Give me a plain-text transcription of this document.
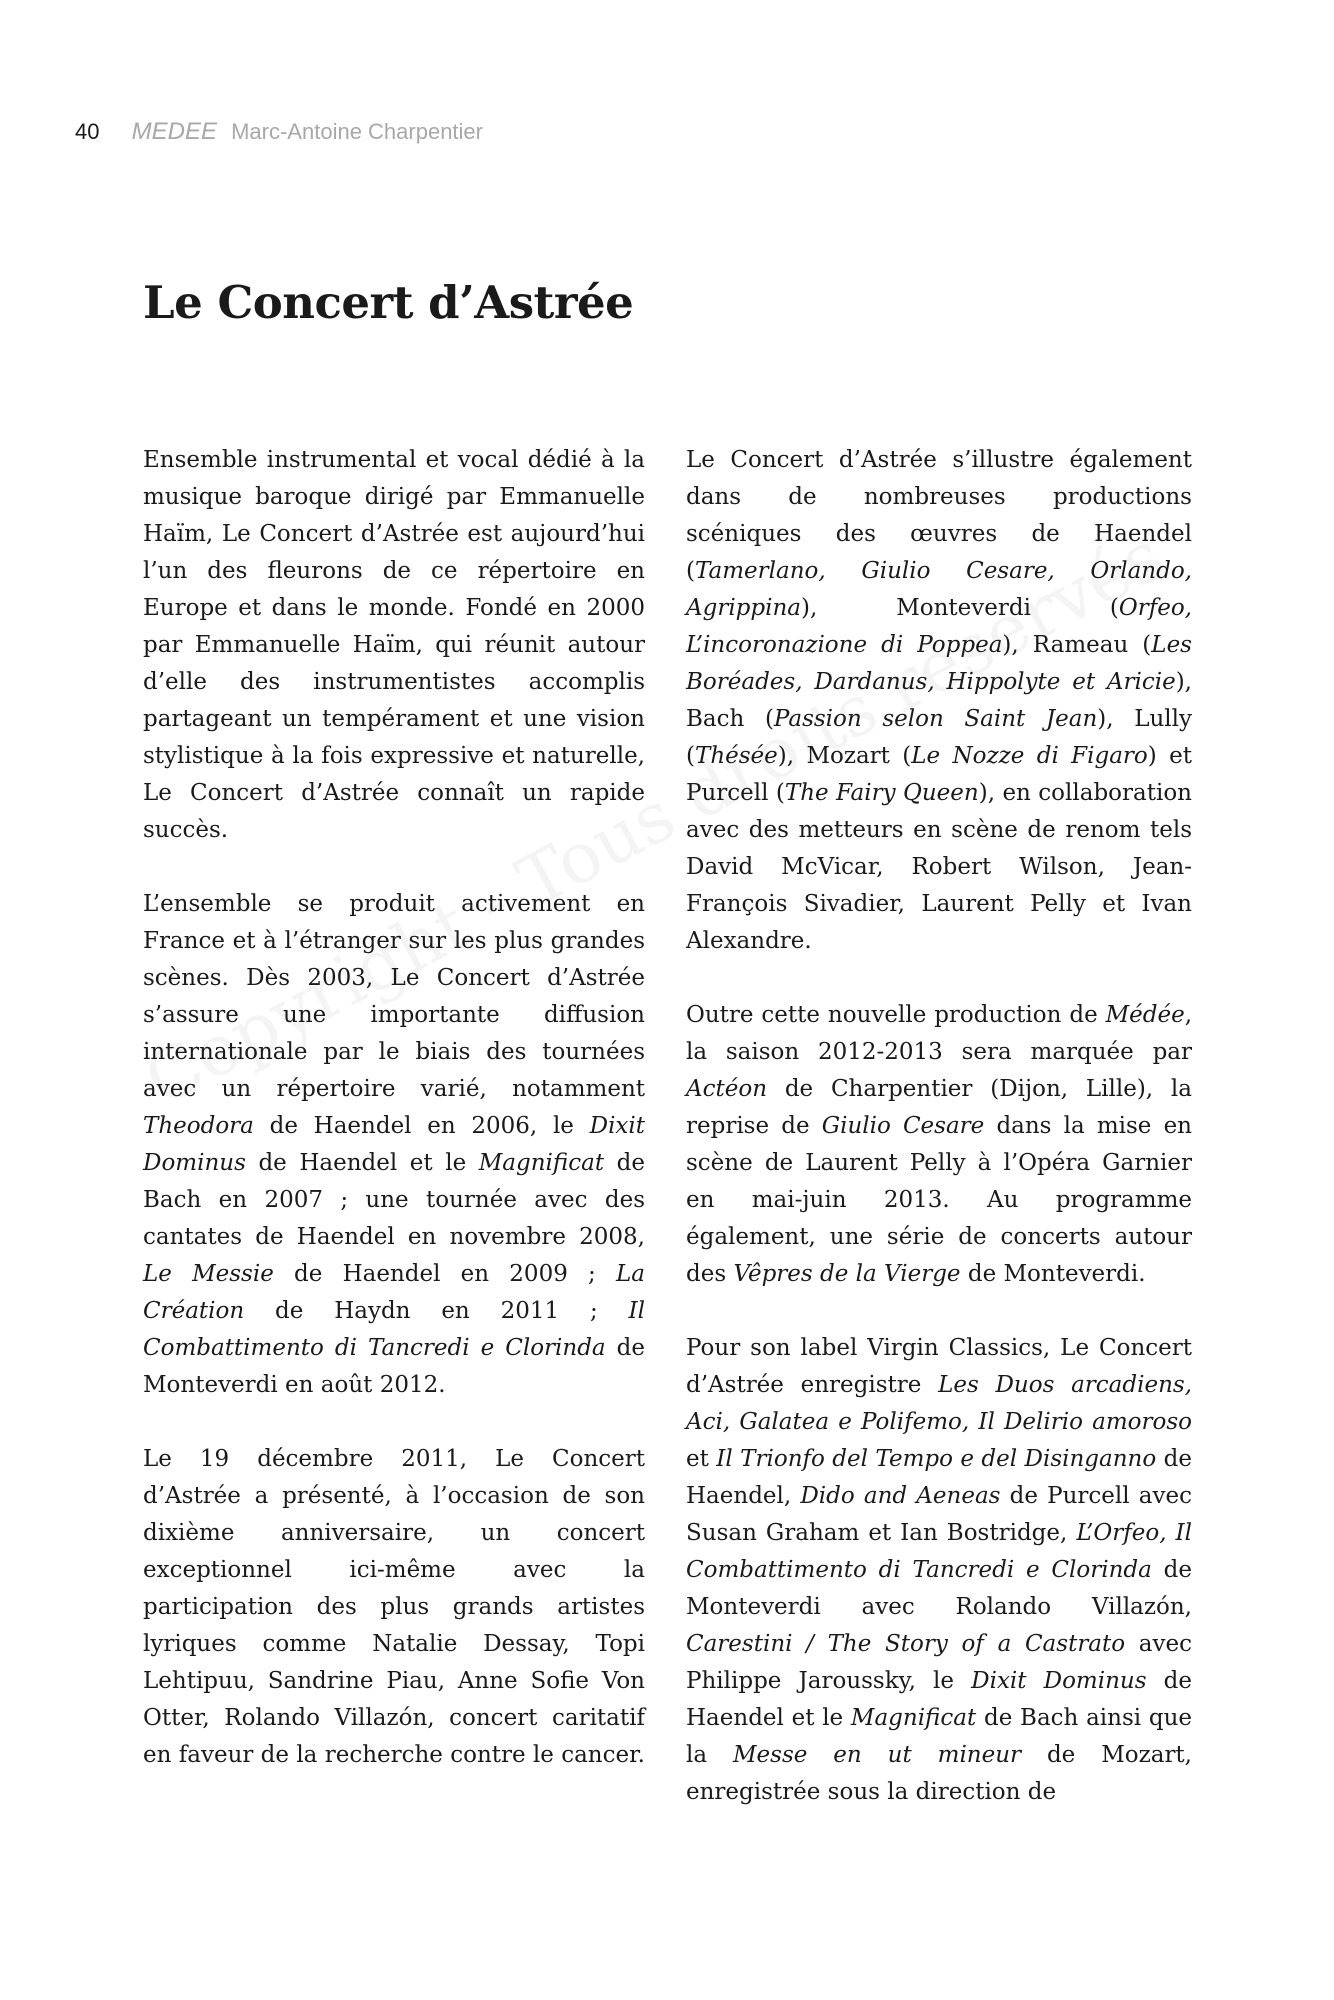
40 MEDEE Marc-Antoine Charpentier
Le Concert d’Astrée

Ensemble instrumental et vocal dédié à la musique baroque dirigé par Emmanuelle Haïm, Le Concert d’Astrée est aujourd’hui l’un des fleurons de ce répertoire en Europe et dans le monde. Fondé en 2000 par Emmanuelle Haïm, qui réunit autour d’elle des instrumentistes accomplis partageant un tempérament et une vision stylistique à la fois expressive et naturelle, Le Concert d’Astrée connaît un rapide succès.

L’ensemble se produit activement en France et à l’étranger sur les plus grandes scènes. Dès 2003, Le Concert d’Astrée s’assure une importante diffusion internationale par le biais des tournées avec un répertoire varié, notamment Theodora de Haendel en 2006, le Dixit Dominus de Haendel et le Magnificat de Bach en 2007 ; une tournée avec des cantates de Haendel en novembre 2008, Le Messie de Haendel en 2009 ; La Création de Haydn en 2011 ; Il Combattimento di Tancredi e Clorinda de Monteverdi en août 2012.

Le 19 décembre 2011, Le Concert d’Astrée a présenté, à l’occasion de son dixième anniversaire, un concert exceptionnel ici-même avec la participation des plus grands artistes lyriques comme Natalie Dessay, Topi Lehtipuu, Sandrine Piau, Anne Sofie Von Otter, Rolando Villazón, concert caritatif en faveur de la recherche contre le cancer.

Le Concert d’Astrée s’illustre également dans de nombreuses productions scéniques des œuvres de Haendel (Tamerlano, Giulio Cesare, Orlando, Agrippina), Monteverdi (Orfeo, L’incoronazione di Poppea), Rameau (Les Boréades, Dardanus, Hippolyte et Aricie), Bach (Passion selon Saint Jean), Lully (Thésée), Mozart (Le Nozze di Figaro) et Purcell (The Fairy Queen), en collaboration avec des metteurs en scène de renom tels David McVicar, Robert Wilson, Jean-François Sivadier, Laurent Pelly et Ivan Alexandre.

Outre cette nouvelle production de Médée, la saison 2012-2013 sera marquée par Actéon de Charpentier (Dijon, Lille), la reprise de Giulio Cesare dans la mise en scène de Laurent Pelly à l’Opéra Garnier en mai-juin 2013. Au programme également, une série de concerts autour des Vêpres de la Vierge de Monteverdi.

Pour son label Virgin Classics, Le Concert d’Astrée enregistre Les Duos arcadiens, Aci, Galatea e Polifemo, Il Delirio amoroso et Il Trionfo del Tempo e del Disinganno de Haendel, Dido and Aeneas de Purcell avec Susan Graham et Ian Bostridge, L’Orfeo, Il Combattimento di Tancredi e Clorinda de Monteverdi avec Rolando Villazón, Carestini / The Story of a Castrato avec Philippe Jaroussky, le Dixit Dominus de Haendel et le Magnificat de Bach ainsi que la Messe en ut mineur de Mozart, enregistrée sous la direction de
